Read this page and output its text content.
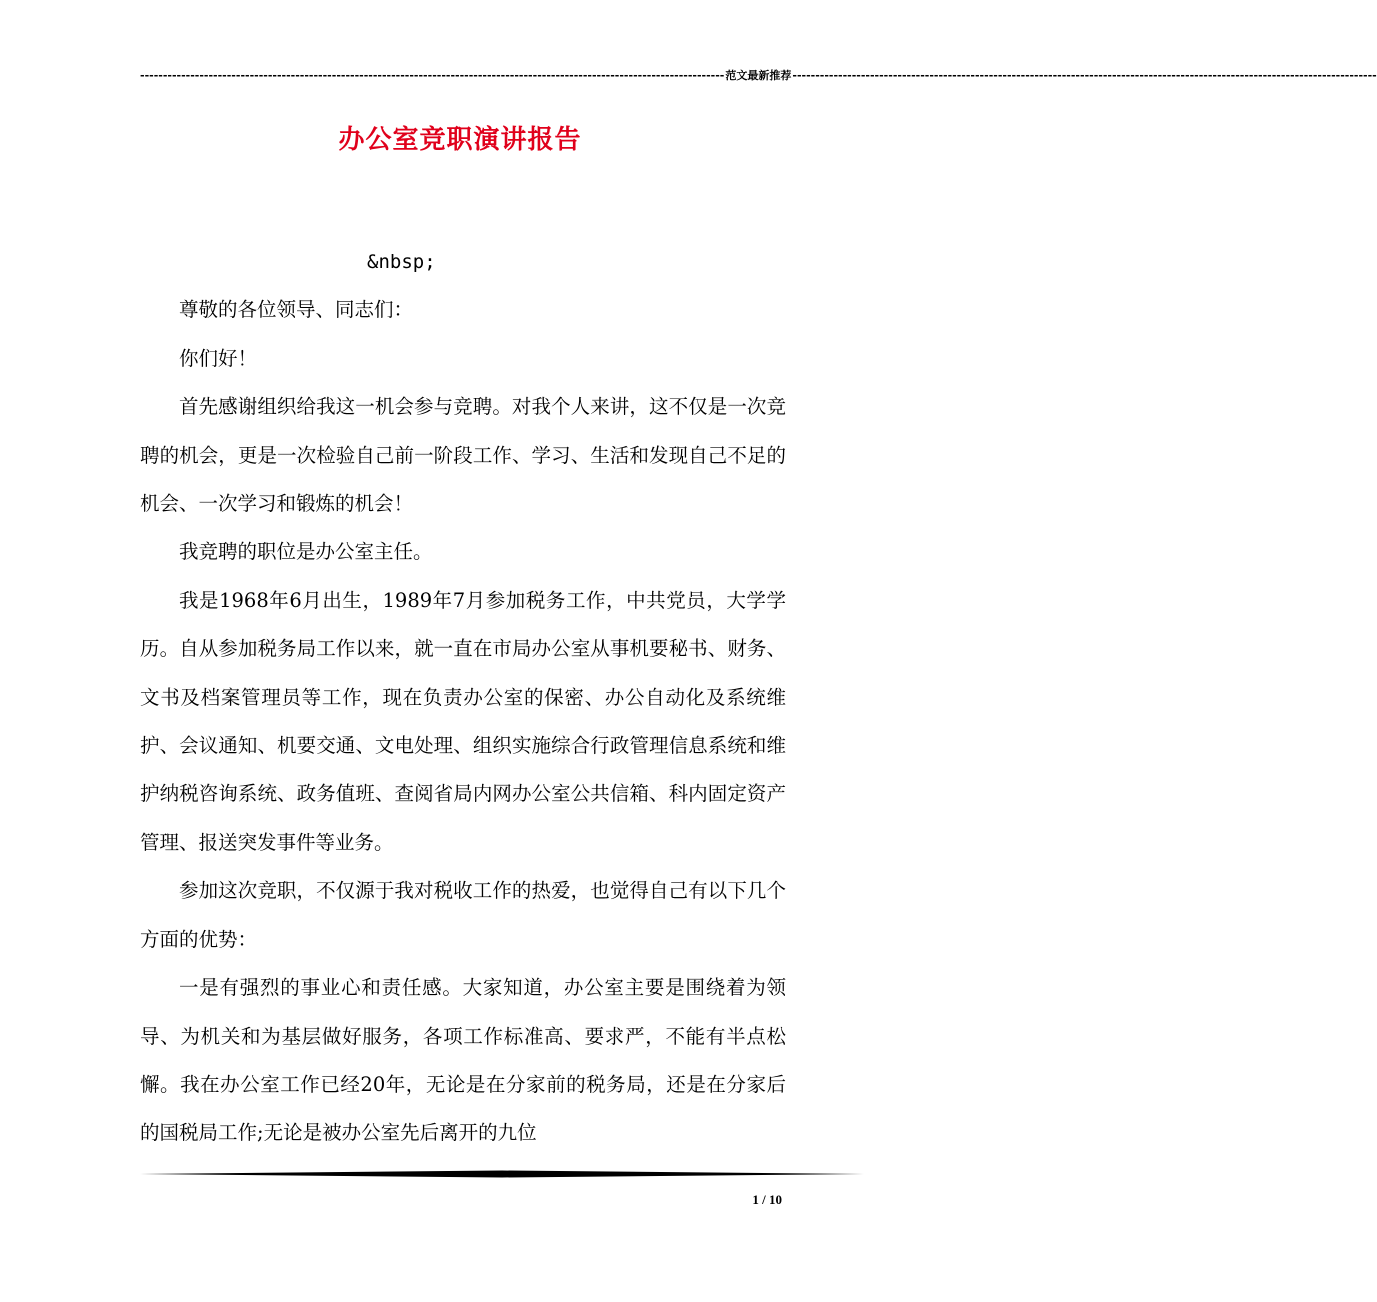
-------------------------------------------------------------------------------------------------------------------------------- 范文最新推荐 --------------------------------------------------------------------------------------------------------------------------------
办公室竞职演讲报告

&nbsp;

尊敬的各位领导、同志们：

你们好！

首先感谢组织给我这一机会参与竞聘。对我个人来讲，这不仅是一次竞聘的机会，更是一次检验自己前一阶段工作、学习、生活和发现自己不足的机会、一次学习和锻炼的机会！

我竞聘的职位是办公室主任。

我是1968年6月出生，1989年7月参加税务工作，中共党员，大学学历。自从参加税务局工作以来，就一直在市局办公室从事机要秘书、财务、文书及档案管理员等工作，现在负责办公室的保密、办公自动化及系统维护、会议通知、机要交通、文电处理、组织实施综合行政管理信息系统和维护纳税咨询系统、政务值班、查阅省局内网办公室公共信箱、科内固定资产管理、报送突发事件等业务。

参加这次竞职，不仅源于我对税收工作的热爱，也觉得自己有以下几个方面的优势：

一是有强烈的事业心和责任感。大家知道，办公室主要是围绕着为领导、为机关和为基层做好服务，各项工作标准高、要求严，不能有半点松懈。我在办公室工作已经20年，无论是在分家前的税务局，还是在分家后的国税局工作;无论是被办公室先后离开的九位

1 / 10
